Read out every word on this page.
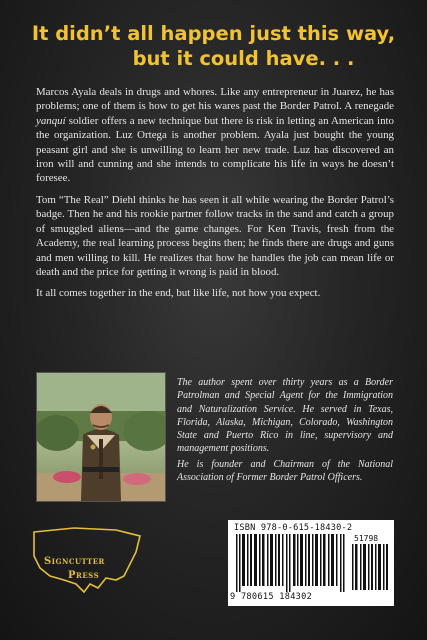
It didn’t all happen just this way,
but it could have. . .

Marcos Ayala deals in drugs and whores. Like any entrepreneur in Juarez, he has problems; one of them is how to get his wares past the Border Patrol. A renegade yanquí soldier offers a new technique but there is risk in letting an American into the organization. Luz Ortega is another problem. Ayala just bought the young peasant girl and she is unwilling to learn her new trade. Luz has discovered an iron will and cunning and she intends to complicate his life in ways he doesn’t foresee.

Tom “The Real” Diehl thinks he has seen it all while wearing the Border Patrol’s badge. Then he and his rookie partner follow tracks in the sand and catch a group of smuggled aliens—and the game changes. For Ken Travis, fresh from the Academy, the real learning process begins then; he finds there are drugs and guns and men willing to kill. He realizes that how he handles the job can mean life or death and the price for getting it wrong is paid in blood.

It all comes together in the end, but like life, not how you expect.

The author spent over thirty years as a Border Patrolman and Special Agent for the Immigration and Naturalization Service. He served in Texas, Florida, Alaska, Michigan, Colorado, Washington State and Puerto Rico in line, supervisory and management positions.

He is founder and Chairman of the National Association of Former Border Patrol Officers.

Signcutter
Press
ISBN 978-0-615-18430-2
51798
9 780615 184302
